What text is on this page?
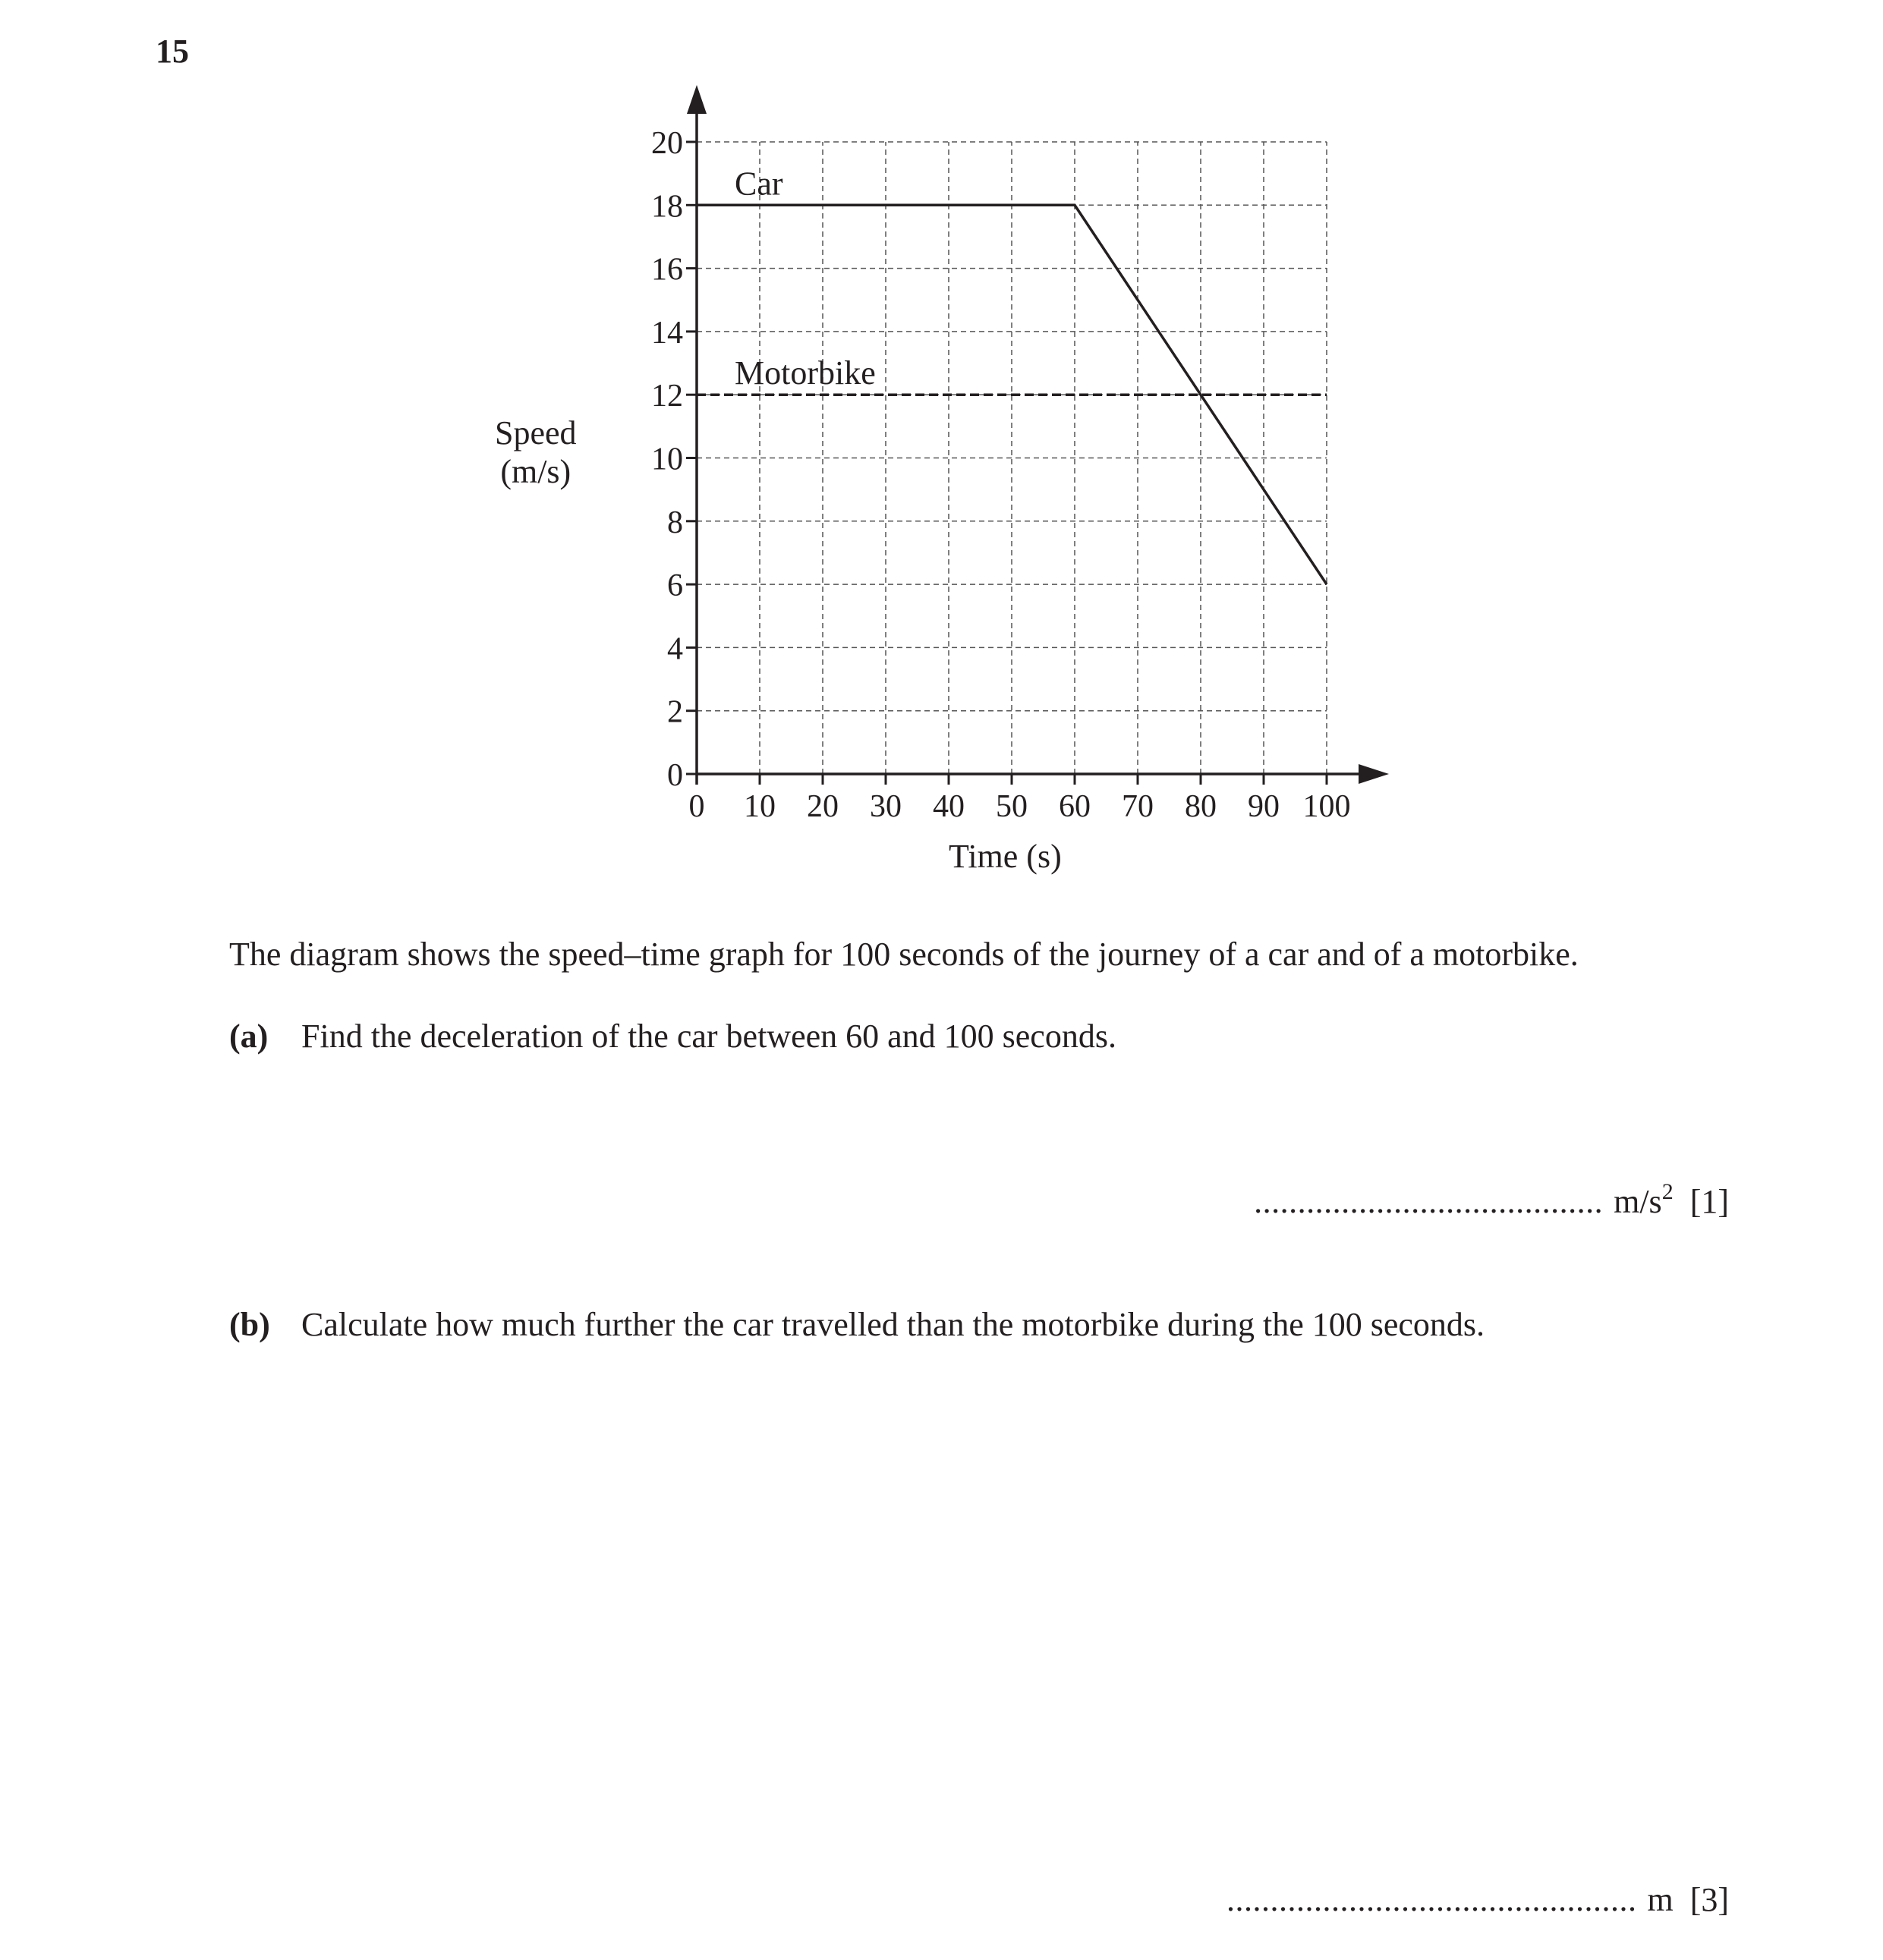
15
0
2
4
6
8
10
12
14
16
18
20
0 10 20 30 40 50 60 70 80 90 100
Car
Motorbike
Speed
(m/s)
Time (s)
The diagram shows the speed–time graph for 100 seconds of the journey of a car and of a motorbike.
(a) Find the deceleration of the car between 60 and 100 seconds.
........................................ $m/s^2$ [1]
(b) Calculate how much further the car travelled than the motorbike during the 100 seconds.
............................................... m [3]
